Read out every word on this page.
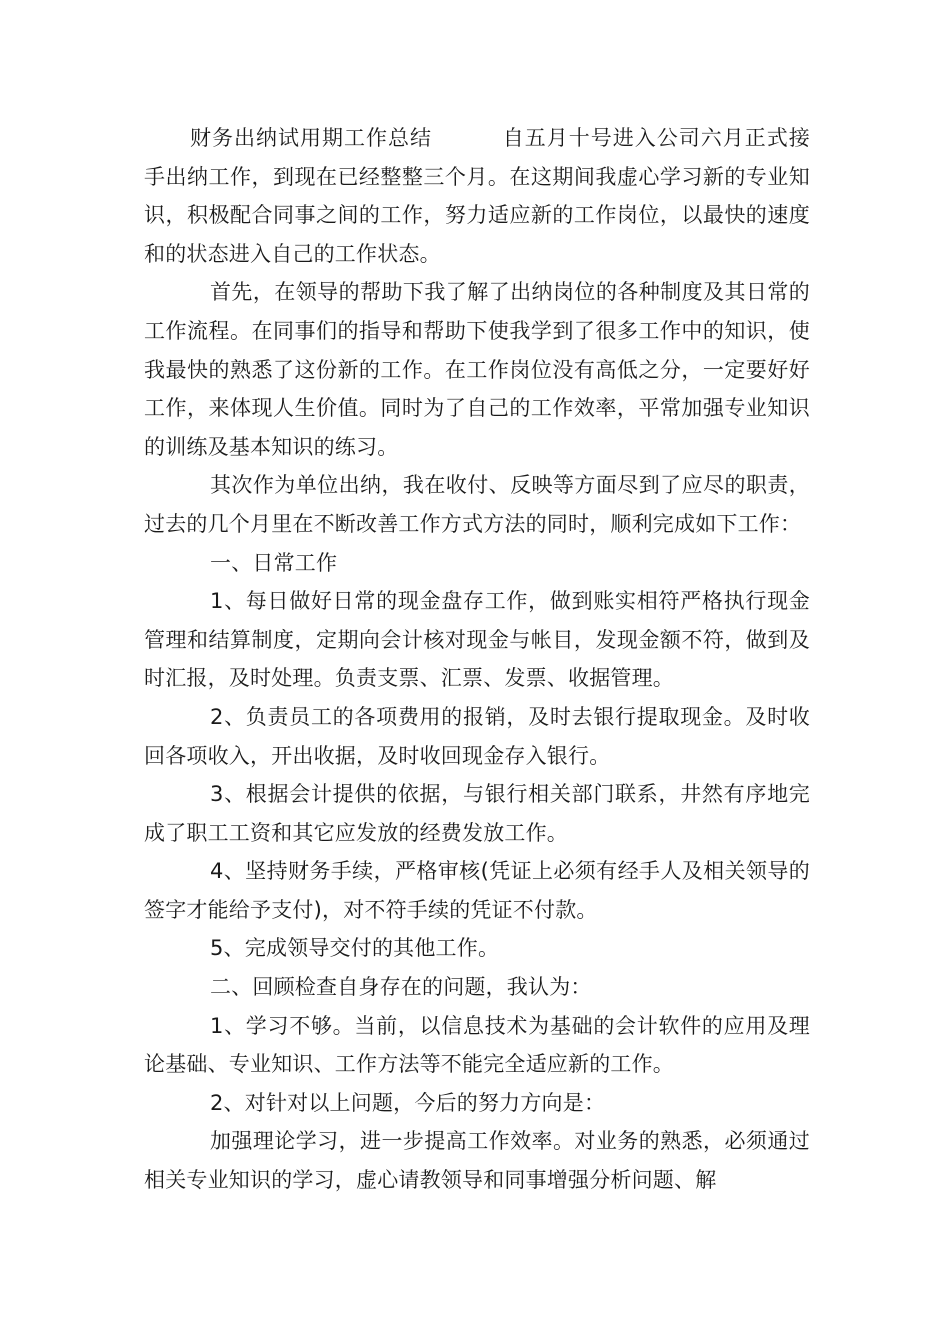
财务出纳试用期工作总结	自五月十号进入公司六月正式接手出纳工作，到现在已经整整三个月。在这期间我虚心学习新的专业知识，积极配合同事之间的工作，努力适应新的工作岗位，以最快的速度和的状态进入自己的工作状态。

首先，在领导的帮助下我了解了出纳岗位的各种制度及其日常的工作流程。在同事们的指导和帮助下使我学到了很多工作中的知识，使我最快的熟悉了这份新的工作。在工作岗位没有高低之分，一定要好好工作，来体现人生价值。同时为了自己的工作效率，平常加强专业知识的训练及基本知识的练习。

其次作为单位出纳，我在收付、反映等方面尽到了应尽的职责，过去的几个月里在不断改善工作方式方法的同时，顺利完成如下工作：

一、日常工作

1、每日做好日常的现金盘存工作，做到账实相符严格执行现金管理和结算制度，定期向会计核对现金与帐目，发现金额不符，做到及时汇报，及时处理。负责支票、汇票、发票、收据管理。

2、负责员工的各项费用的报销，及时去银行提取现金。及时收回各项收入，开出收据，及时收回现金存入银行。

3、根据会计提供的依据，与银行相关部门联系，井然有序地完成了职工工资和其它应发放的经费发放工作。

4、坚持财务手续，严格审核(凭证上必须有经手人及相关领导的签字才能给予支付)，对不符手续的凭证不付款。

5、完成领导交付的其他工作。

二、回顾检查自身存在的问题，我认为：

1、学习不够。当前，以信息技术为基础的会计软件的应用及理论基础、专业知识、工作方法等不能完全适应新的工作。

2、对针对以上问题，今后的努力方向是：

加强理论学习，进一步提高工作效率。对业务的熟悉，必须通过相关专业知识的学习，虚心请教领导和同事增强分析问题、解
